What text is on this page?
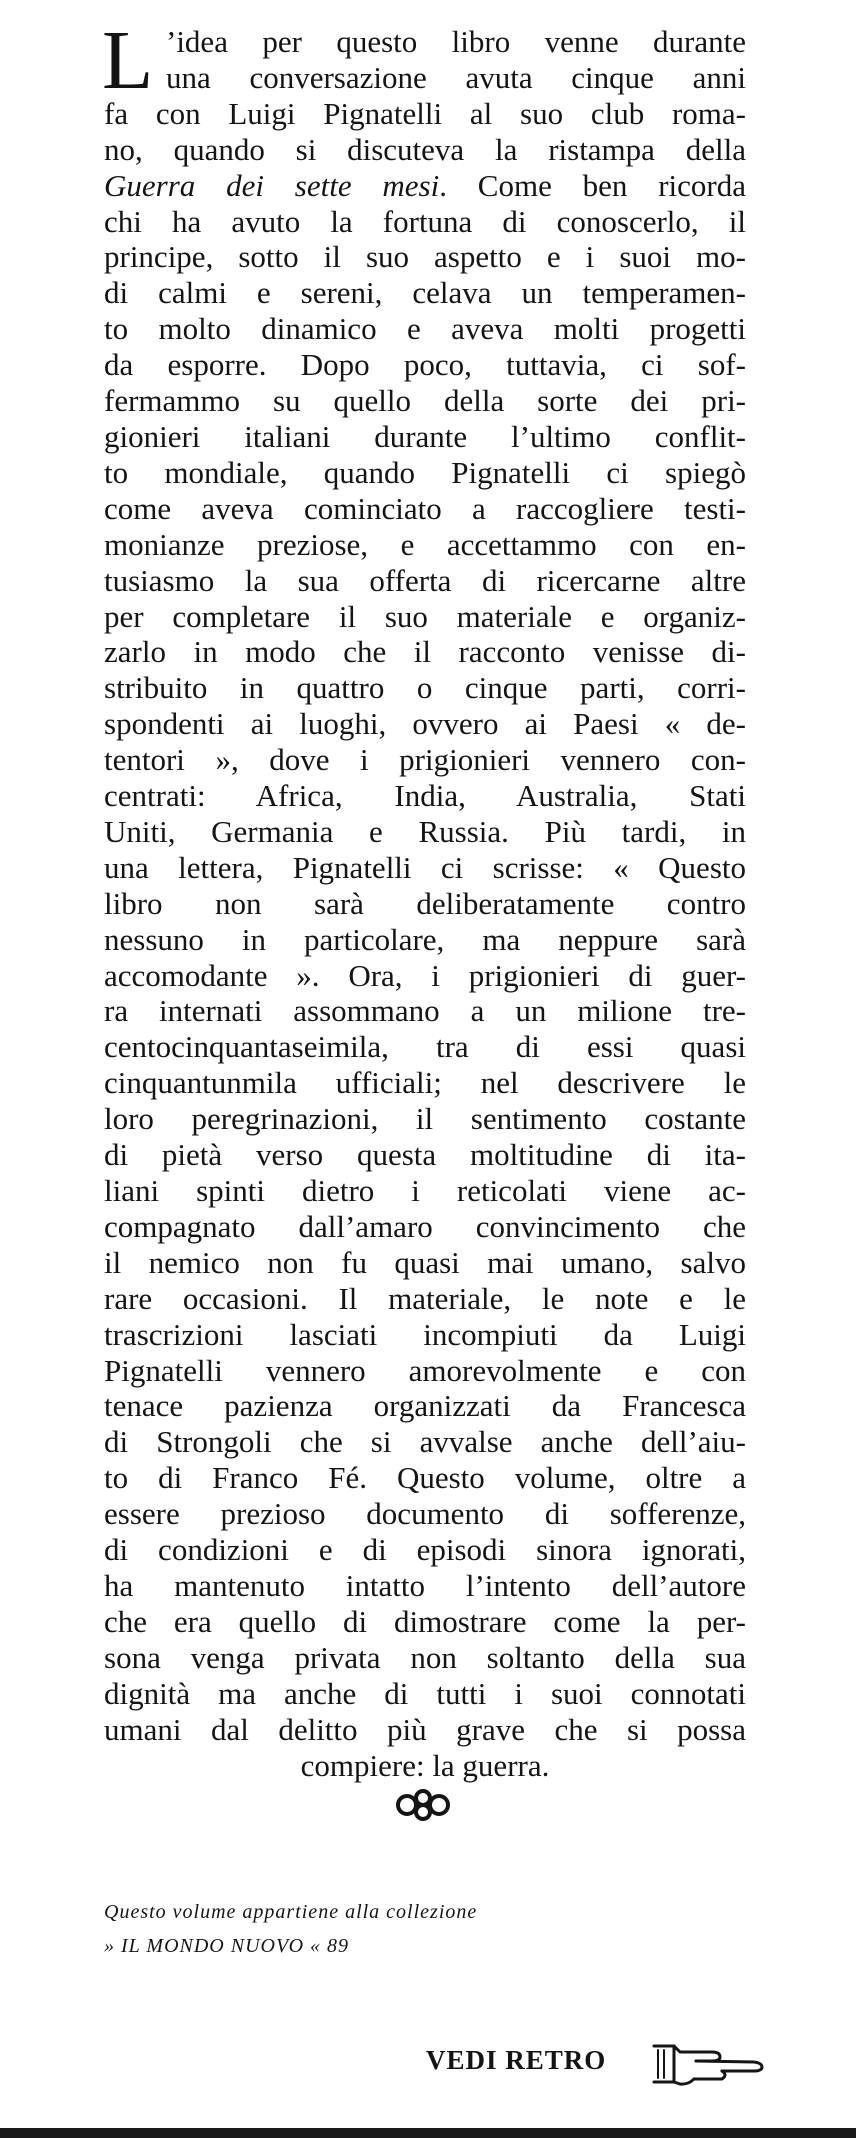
L ’idea per questo libro venne durante
una conversazione avuta cinque anni
fa con Luigi Pignatelli al suo club roma-
no, quando si discuteva la ristampa della
Guerra dei sette mesi. Come ben ricorda
chi ha avuto la fortuna di conoscerlo, il
principe, sotto il suo aspetto e i suoi mo-
di calmi e sereni, celava un temperamen-
to molto dinamico e aveva molti progetti
da esporre. Dopo poco, tuttavia, ci sof-
fermammo su quello della sorte dei pri-
gionieri italiani durante l’ultimo conflit-
to mondiale, quando Pignatelli ci spiegò
come aveva cominciato a raccogliere testi-
monianze preziose, e accettammo con en-
tusiasmo la sua offerta di ricercarne altre
per completare il suo materiale e organiz-
zarlo in modo che il racconto venisse di-
stribuito in quattro o cinque parti, corri-
spondenti ai luoghi, ovvero ai Paesi « de-
tentori », dove i prigionieri vennero con-
centrati: Africa, India, Australia, Stati
Uniti, Germania e Russia. Più tardi, in
una lettera, Pignatelli ci scrisse: « Questo
libro non sarà deliberatamente contro
nessuno in particolare, ma neppure sarà
accomodante ». Ora, i prigionieri di guer-
ra internati assommano a un milione tre-
centocinquantaseimila, tra di essi quasi
cinquantunmila ufficiali; nel descrivere le
loro peregrinazioni, il sentimento costante
di pietà verso questa moltitudine di ita-
liani spinti dietro i reticolati viene ac-
compagnato dall’amaro convincimento che
il nemico non fu quasi mai umano, salvo
rare occasioni. Il materiale, le note e le
trascrizioni lasciati incompiuti da Luigi
Pignatelli vennero amorevolmente e con
tenace pazienza organizzati da Francesca
di Strongoli che si avvalse anche dell’aiu-
to di Franco Fé. Questo volume, oltre a
essere prezioso documento di sofferenze,
di condizioni e di episodi sinora ignorati,
ha mantenuto intatto l’intento dell’autore
che era quello di dimostrare come la per-
sona venga privata non soltanto della sua
dignità ma anche di tutti i suoi connotati
umani dal delitto più grave che si possa
compiere: la guerra.
Questo volume appartiene alla collezione
» IL MONDO NUOVO « 89
VEDI RETRO
